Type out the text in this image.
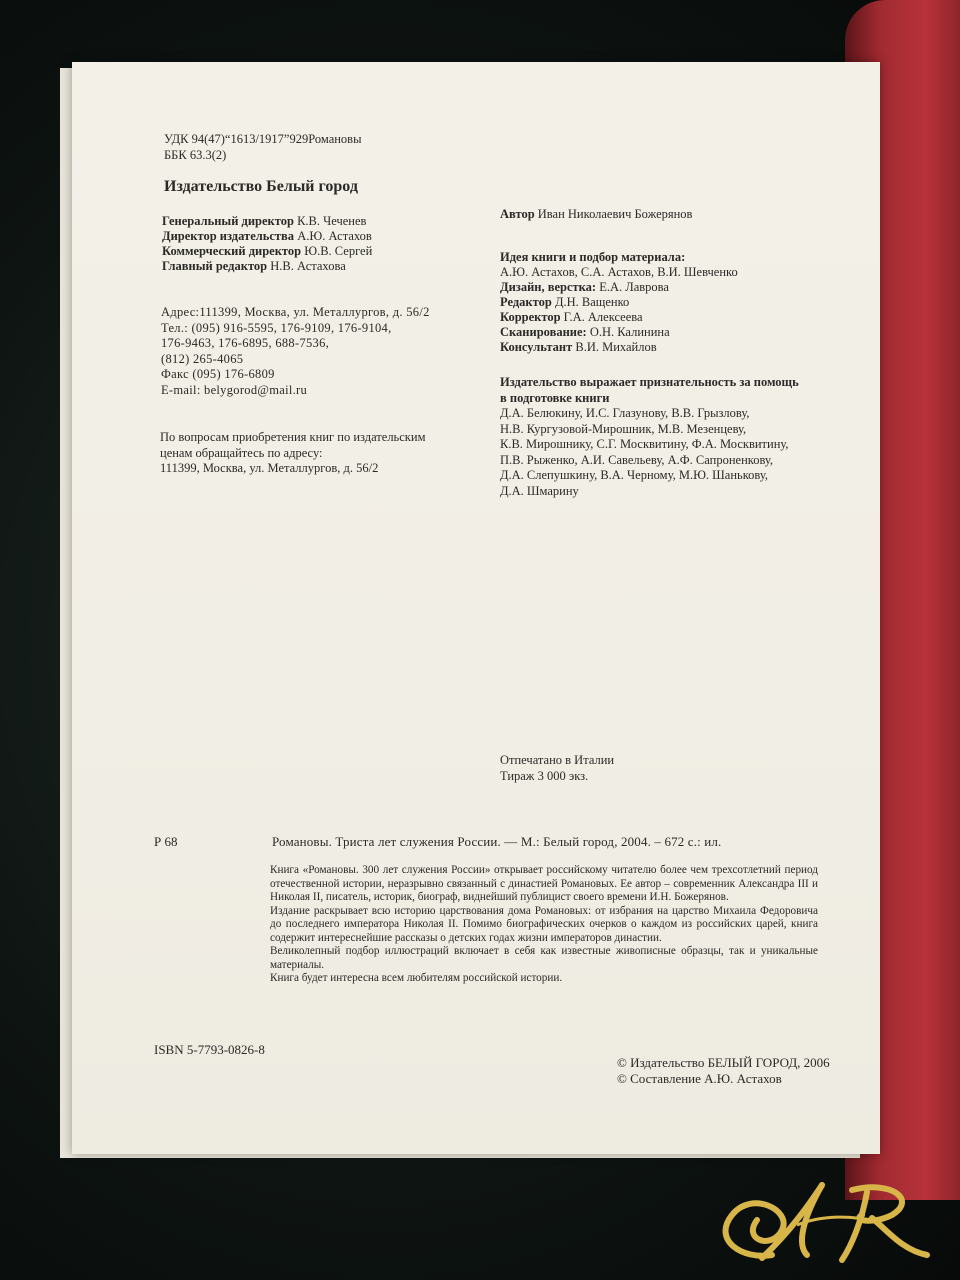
УДК 94(47)“1613/1917”929Романовы
ББК 63.3(2)
Издательство Белый город
Генеральный директор К.В. Чеченев
Директор издательства А.Ю. Астахов
Коммерческий директор Ю.В. Сергей
Главный редактор Н.В. Астахова
Адрес:111399, Москва, ул. Металлургов, д. 56/2
Тел.: (095) 916-5595, 176-9109, 176-9104,
176-9463, 176-6895, 688-7536,
(812) 265-4065
Факс (095) 176-6809
E-mail: belygorod@mail.ru
По вопросам приобретения книг по издательским
ценам обращайтесь по адресу:
111399, Москва, ул. Металлургов, д. 56/2
Автор Иван Николаевич Божерянов
Идея книги и подбор материала:
А.Ю. Астахов, С.А. Астахов, В.И. Шевченко
Дизайн, верстка: Е.А. Лаврова
Редактор Д.Н. Ващенко
Корректор Г.А. Алексеева
Сканирование: О.Н. Калинина
Консультант В.И. Михайлов
Издательство выражает признательность за помощь
в подготовке книги
Д.А. Белюкину, И.С. Глазунову, В.В. Грызлову,
Н.В. Кургузовой-Мирошник, М.В. Мезенцеву,
К.В. Мирошнику, С.Г. Москвитину, Ф.А. Москвитину,
П.В. Рыженко, А.И. Савельеву, А.Ф. Сапроненкову,
Д.А. Слепушкину, В.А. Черному, М.Ю. Шанькову,
Д.А. Шмарину
Отпечатано в Италии
Тираж 3 000 экз.
Р 68	Романовы. Триста лет служения России. — М.: Белый город, 2004. – 672 с.: ил.
Книга «Романовы. 300 лет служения России» открывает российскому читателю более чем трехсотлетний период отечественной истории, неразрывно связанный с династией Романовых. Ее автор – современник Александра III и Николая II, писатель, историк, биограф, виднейший публицист своего времени И.Н. Божерянов.
Издание раскрывает всю историю царствования дома Романовых: от избрания на царство Михаила Федоровича до последнего императора Николая II. Помимо биографических очерков о каждом из российских царей, книга содержит интереснейшие рассказы о детских годах жизни императоров династии.
Великолепный подбор иллюстраций включает в себя как известные живописные образцы, так и уникальные материалы.
Книга будет интересна всем любителям российской истории.
ISBN 5-7793-0826-8
© Издательство БЕЛЫЙ ГОРОД, 2006
© Составление А.Ю. Астахов
